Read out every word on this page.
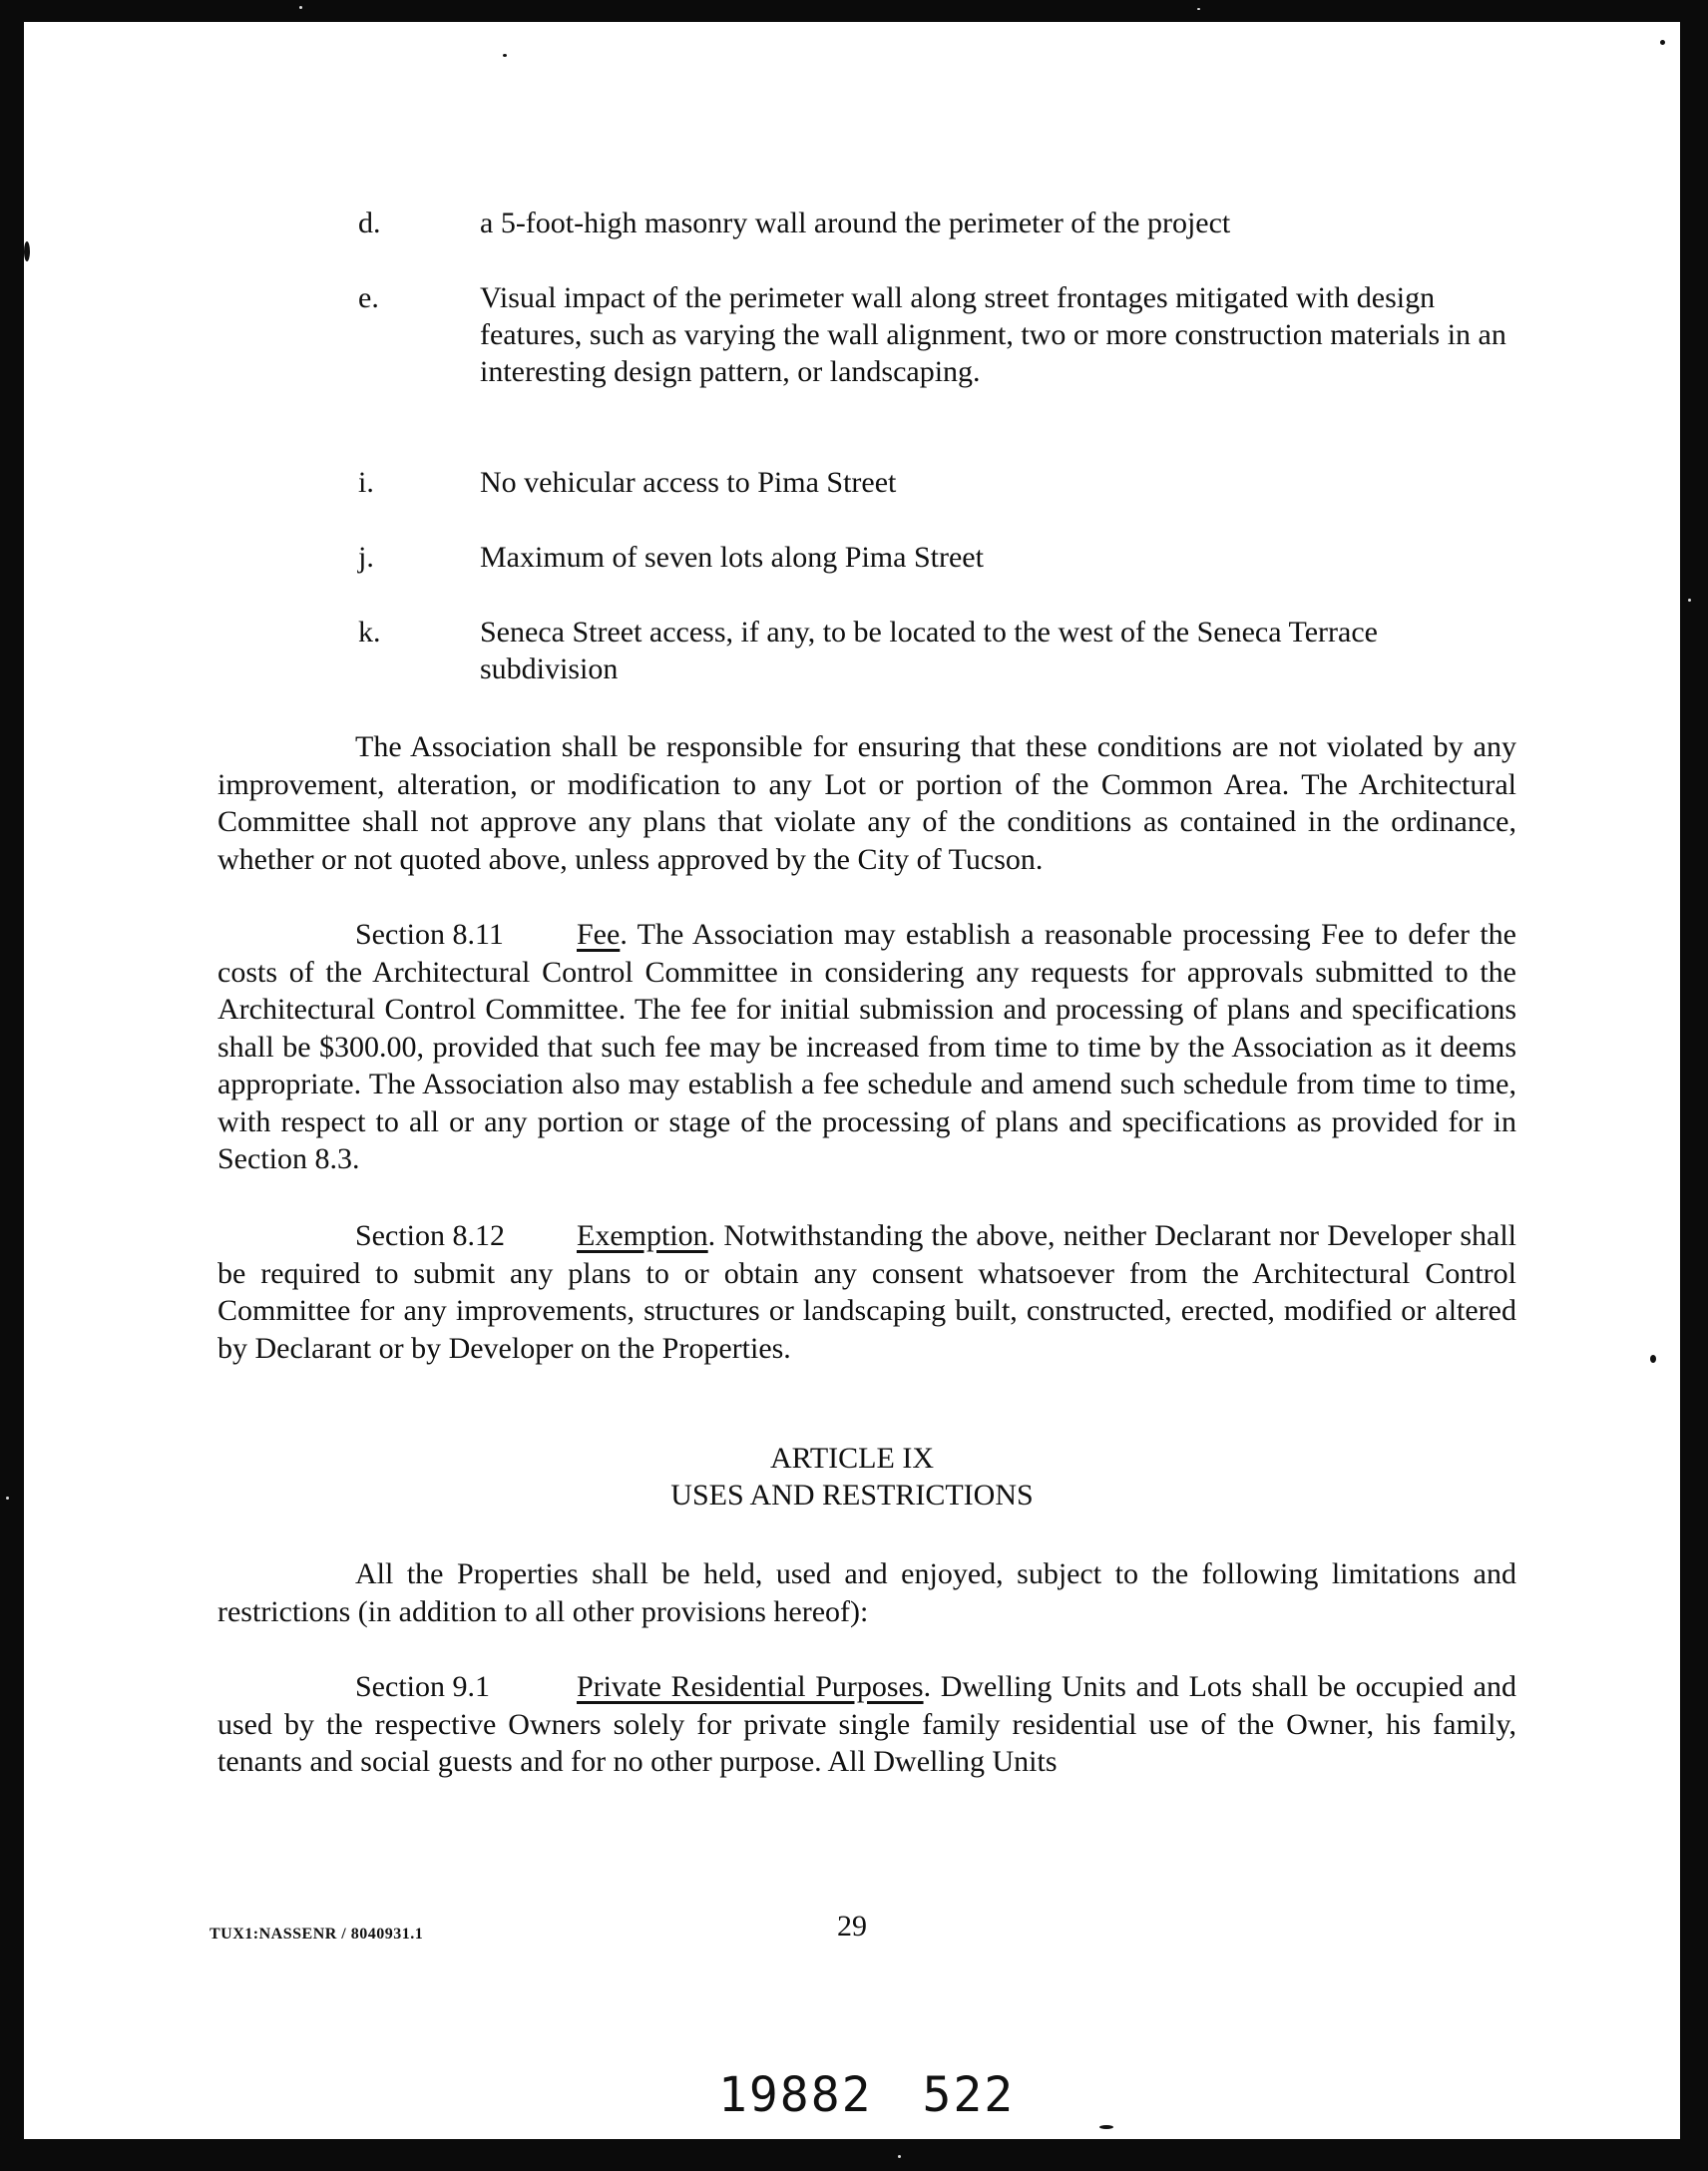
d.	a 5-foot-high masonry wall around the perimeter of the project
e.	Visual impact of the perimeter wall along street frontages mitigated with design features, such as varying the wall alignment, two or more construction materials in an interesting design pattern, or landscaping.
i.	No vehicular access to Pima Street
j.	Maximum of seven lots along Pima Street
k.	Seneca Street access, if any, to be located to the west of the Seneca Terrace subdivision
The Association shall be responsible for ensuring that these conditions are not violated by any improvement, alteration, or modification to any Lot or portion of the Common Area. The Architectural Committee shall not approve any plans that violate any of the conditions as contained in the ordinance, whether or not quoted above, unless approved by the City of Tucson.
Section 8.11 Fee. The Association may establish a reasonable processing Fee to defer the costs of the Architectural Control Committee in considering any requests for approvals submitted to the Architectural Control Committee. The fee for initial submission and processing of plans and specifications shall be $300.00, provided that such fee may be increased from time to time by the Association as it deems appropriate. The Association also may establish a fee schedule and amend such schedule from time to time, with respect to all or any portion or stage of the processing of plans and specifications as provided for in Section 8.3.
Section 8.12 Exemption. Notwithstanding the above, neither Declarant nor Developer shall be required to submit any plans to or obtain any consent whatsoever from the Architectural Control Committee for any improvements, structures or landscaping built, constructed, erected, modified or altered by Declarant or by Developer on the Properties.
ARTICLE IX
USES AND RESTRICTIONS
All the Properties shall be held, used and enjoyed, subject to the following limitations and restrictions (in addition to all other provisions hereof):
Section 9.1	Private Residential Purposes. Dwelling Units and Lots shall be occupied and used by the respective Owners solely for private single family residential use of the Owner, his family, tenants and social guests and for no other purpose. All Dwelling Units
TUX1:NASSENR / 8040931.1	29
19882 522
